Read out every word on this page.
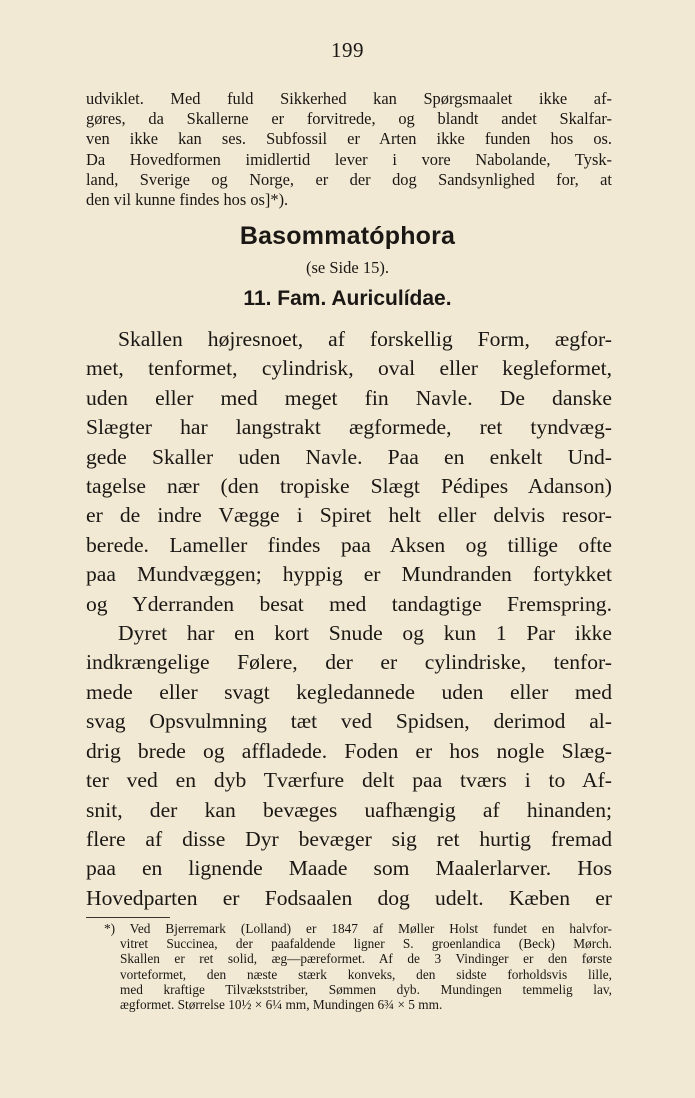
199
udviklet. Med fuld Sikkerhed kan Spørgsmaalet ikke af-
gøres, da Skallerne er forvitrede, og blandt andet Skalfar-
ven ikke kan ses. Subfossil er Arten ikke funden hos os.
Da Hovedformen imidlertid lever i vore Nabolande, Tysk-
land, Sverige og Norge, er der dog Sandsynlighed for, at
den vil kunne findes hos os]*).
Basommatóphora
(se Side 15).
11. Fam. Auriculídae.
Skallen højresnoet, af forskellig Form, ægfor-
met, tenformet, cylindrisk, oval eller kegleformet,
uden eller med meget fin Navle. De danske
Slægter har langstrakt ægformede, ret tyndvæg-
gede Skaller uden Navle. Paa en enkelt Und-
tagelse nær (den tropiske Slægt Pédipes Adanson)
er de indre Vægge i Spiret helt eller delvis resor-
berede. Lameller findes paa Aksen og tillige ofte
paa Mundvæggen; hyppig er Mundranden fortykket
og Yderranden besat med tandagtige Fremspring.
Dyret har en kort Snude og kun 1 Par ikke
indkrængelige Følere, der er cylindriske, tenfor-
mede eller svagt kegledannede uden eller med
svag Opsvulmning tæt ved Spidsen, derimod al-
drig brede og affladede. Foden er hos nogle Slæg-
ter ved en dyb Tværfure delt paa tværs i to Af-
snit, der kan bevæges uafhængig af hinanden;
flere af disse Dyr bevæger sig ret hurtig fremad
paa en lignende Maade som Maalerlarver. Hos
Hovedparten er Fodsaalen dog udelt. Kæben er
*) Ved Bjerremark (Lolland) er 1847 af Møller Holst fundet en halvfor-
vitret Succinea, der paafaldende ligner S. groenlandica (Beck) Mørch.
Skallen er ret solid, æg—pæreformet. Af de 3 Vindinger er den første
vorteformet, den næste stærk konveks, den sidste forholdsvis lille,
med kraftige Tilvækststriber, Sømmen dyb. Mundingen temmelig lav,
ægformet. Størrelse 10½ × 6¼ mm, Mundingen 6¾ × 5 mm.
